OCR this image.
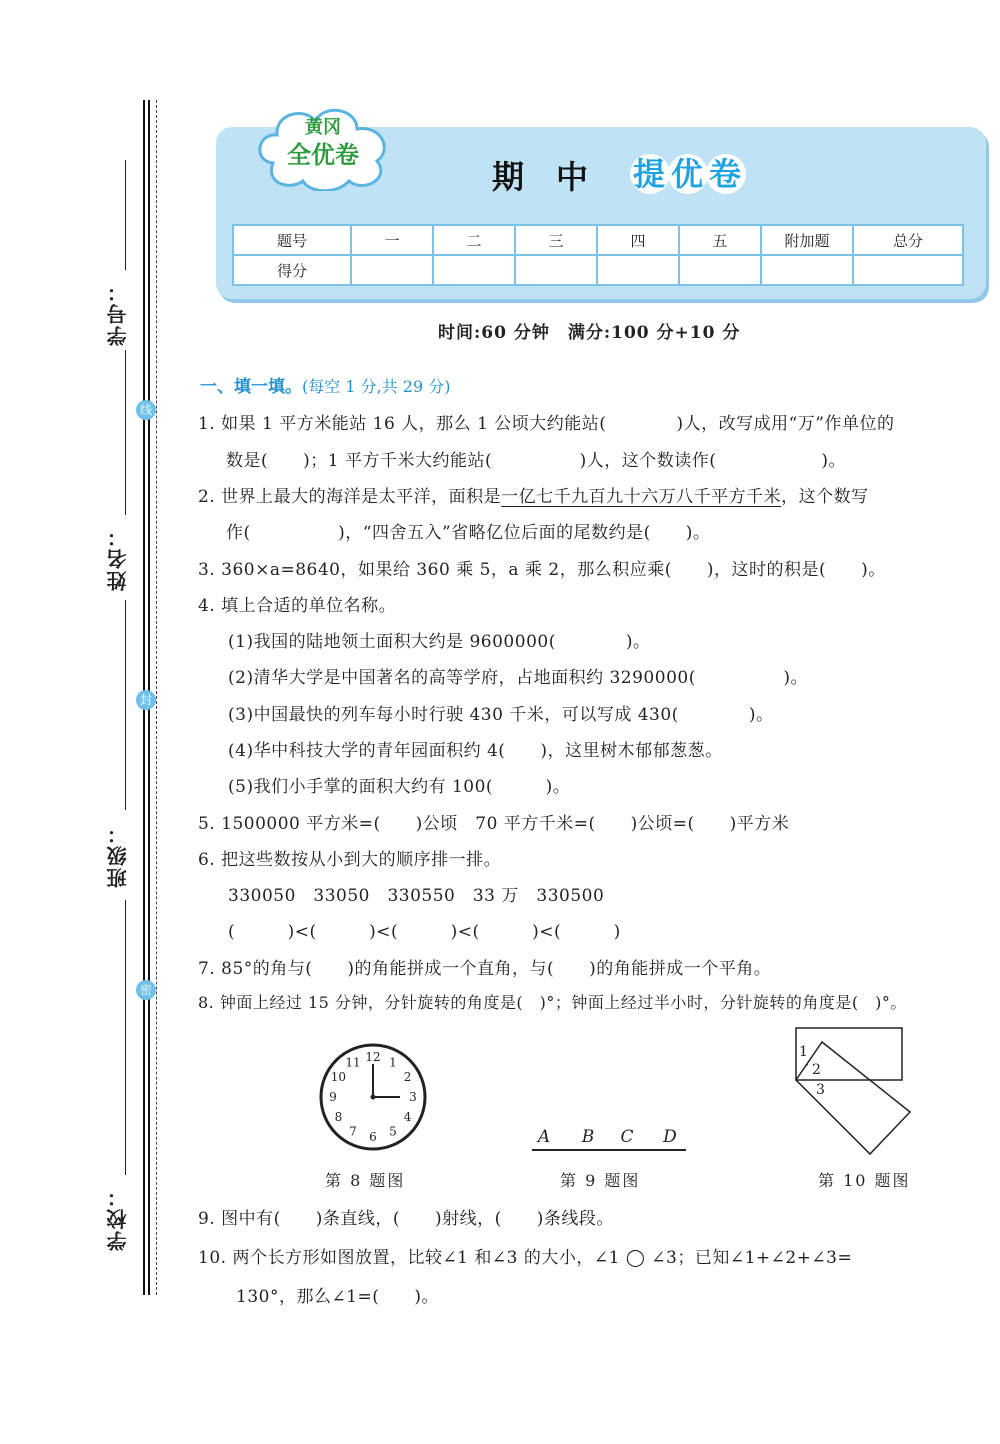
学号：
姓名：
班级：
学校：
线
封
密
黄冈
全优卷
期中 提 优 卷
题号	一	二	三	四	五	附加题	总分
得分							
时间:60 分钟　满分:100 分+10 分
一、填一填。(每空 1 分,共 29 分)
1. 如果 1 平方米能站 16 人，那么 1 公顷大约能站(　　　　)人，改写成用“万”作单位的
数是(　　)；1 平方千米大约能站(　　　　　)人，这个数读作(　　　　　　)。
2. 世界上最大的海洋是太平洋，面积是一亿七千九百九十六万八千平方千米，这个数写
作(　　　　　)，“四舍五入”省略亿位后面的尾数约是(　　)。
3. 360×a=8640，如果给 360 乘 5，a 乘 2，那么积应乘(　　)，这时的积是(　　)。
4. 填上合适的单位名称。
(1)我国的陆地领土面积大约是 9600000(　　　　)。
(2)清华大学是中国著名的高等学府，占地面积约 3290000(　　　　　)。
(3)中国最快的列车每小时行驶 430 千米，可以写成 430(　　　　)。
(4)华中科技大学的青年园面积约 4(　　)，这里树木郁郁葱葱。
(5)我们小手掌的面积大约有 100(　　　)。
5. 1500000 平方米=(　　)公顷　70 平方千米=(　　)公顷=(　　)平方米
6. 把这些数按从小到大的顺序排一排。
330050　33050　330550　33 万　330500
(　　　)<(　　　)<(　　　)<(　　　)<(　　　)
7. 85°的角与(　　)的角能拼成一个直角，与(　　)的角能拼成一个平角。
8. 钟面上经过 15 分钟，分针旋转的角度是(　)°；钟面上经过半小时，分针旋转的角度是(　)°。
12 1
2
3
4
5
6
7
8
9
10
11
第 8 题图
A B C D
第 9 题图
1
2
3
第 10 题图
9. 图中有(　　)条直线，(　　)射线，(　　)条线段。
10. 两个长方形如图放置，比较∠1 和∠3 的大小，∠1 ◯ ∠3；已知∠1+∠2+∠3=
130°，那么∠1=(　　)。
